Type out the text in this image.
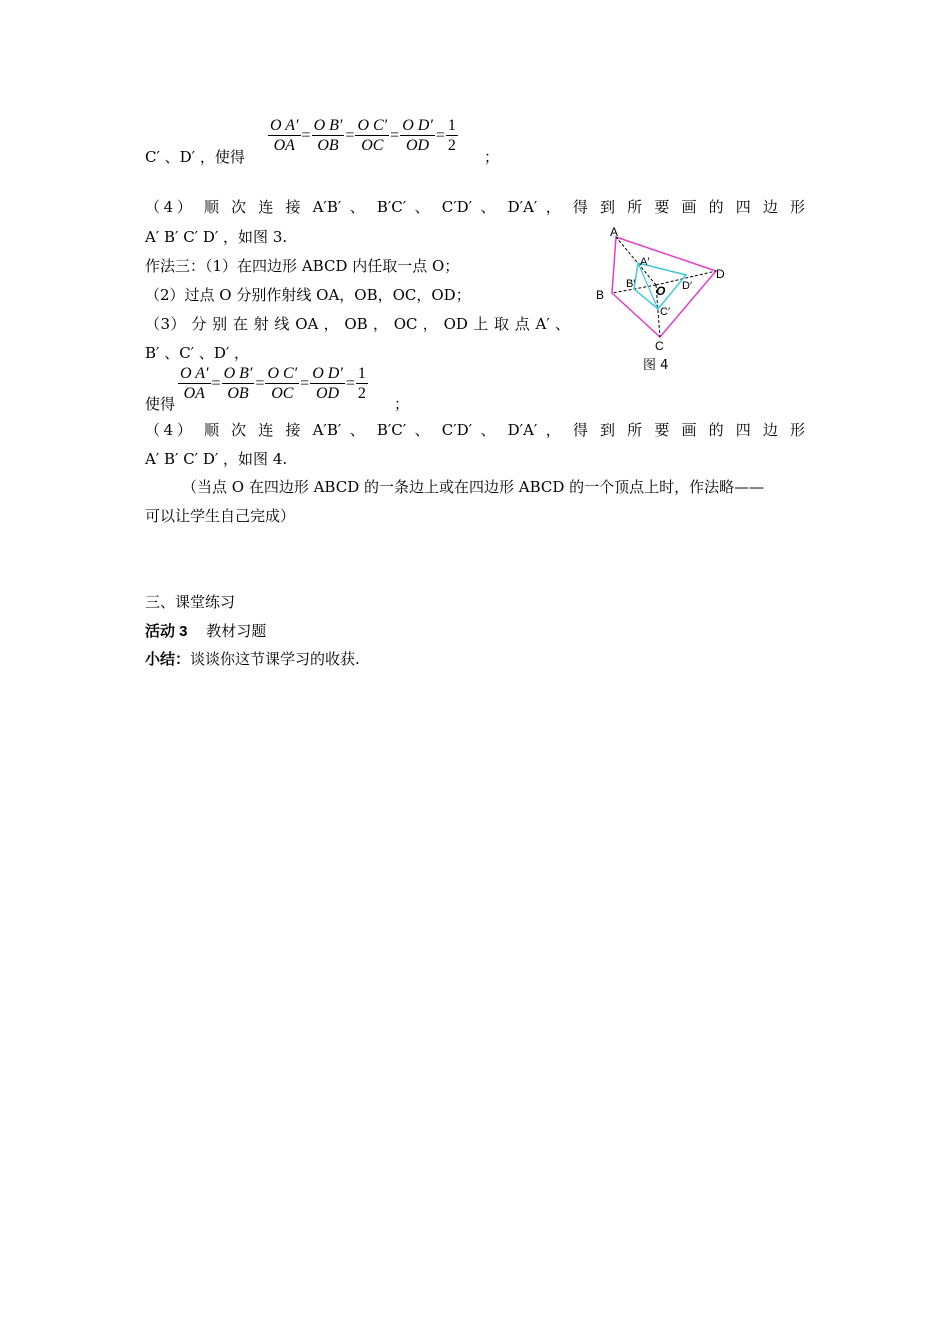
$\frac{\text{O A′}}{OA} = \frac{\text{O B′}}{OB} = \frac{\text{O C′}}{OC} = \frac{\text{O D′}}{OD} = \frac{1}{2}$
C′ 、D′ ，使得	；
（4） 顺 次 连 接 A′B′ 、 B′C′ 、 C′D′ 、 D′A′ ， 得 到 所 要 画 的 四 边 形
A′ B′ C′ D′ ，如图 3.
作法三：（1）在四边形 ABCD 内任取一点 O；
（2）过点 O 分别作射线 OA，OB，OC，OD；
（3） 分 别 在 射 线 OA ， OB ， OC ， OD 上 取 点 A′ 、
B′ 、C′ 、D′ ，
$\frac{\text{O A′}}{OA} = \frac{\text{O B′}}{OB} = \frac{\text{O C′}}{OC} = \frac{\text{O D′}}{OD} = \frac{1}{2}$
使得	；
（4） 顺 次 连 接 A′B′ 、 B′C′ 、 C′D′ 、 D′A′ ， 得 到 所 要 画 的 四 边 形
A′ B′ C′ D′ ，如图 4.
（当点 O 在四边形 ABCD 的一条边上或在四边形 ABCD 的一个顶点上时，作法略——
可以让学生自己完成）
三、课堂练习
活动 3 教材习题
小结：谈谈你这节课学习的收获.
A
D
C
B	O
A′
B′
C′
D′
图 4
